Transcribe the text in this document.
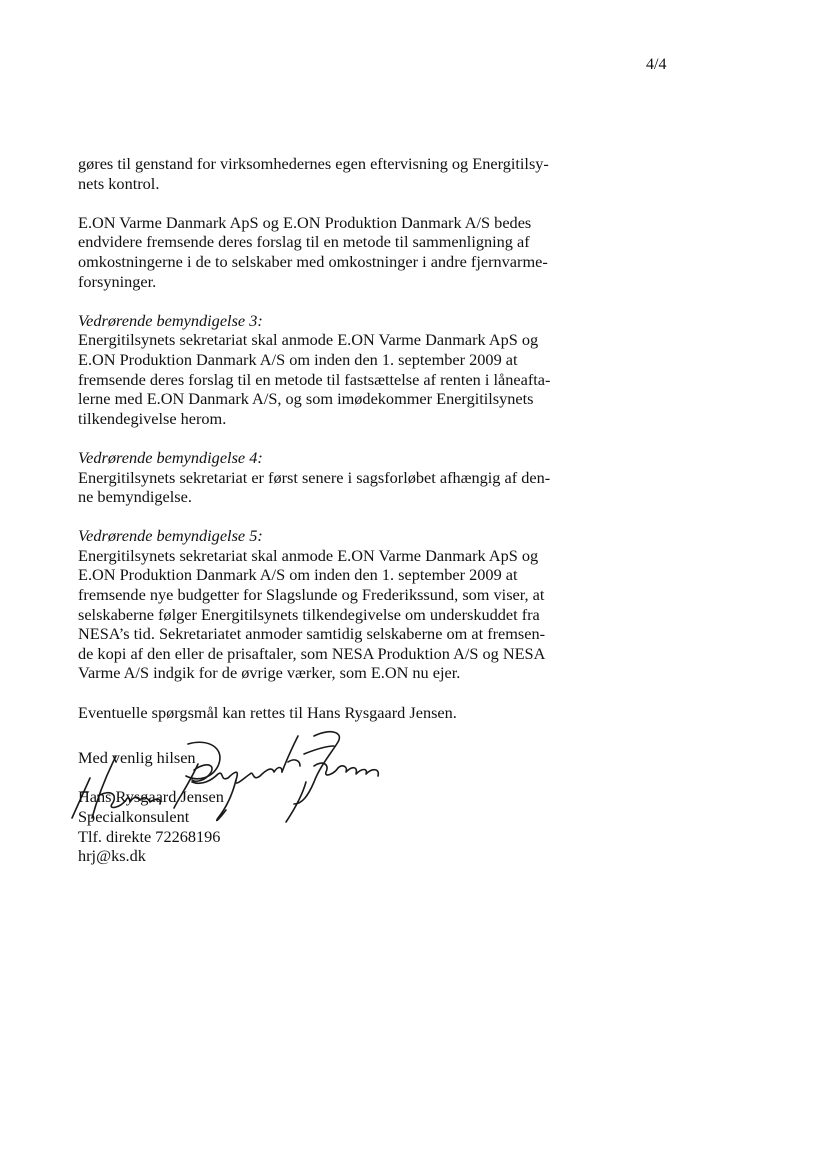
4/4

gøres til genstand for virksomhedernes egen eftervisning og Energitilsy-

nets kontrol.

E.ON Varme Danmark ApS og E.ON Produktion Danmark A/S bedes

endvidere fremsende deres forslag til en metode til sammenligning af

omkostningerne i de to selskaber med omkostninger i andre fjernvarme-

forsyninger.

Vedrørende bemyndigelse 3:

Energitilsynets sekretariat skal anmode E.ON Varme Danmark ApS og

E.ON Produktion Danmark A/S om inden den 1. september 2009 at

fremsende deres forslag til en metode til fastsættelse af renten i låneafta-

lerne med E.ON Danmark A/S, og som imødekommer Energitilsynets

tilkendegivelse herom.

Vedrørende bemyndigelse 4:

Energitilsynets sekretariat er først senere i sagsforløbet afhængig af den-

ne bemyndigelse.

Vedrørende bemyndigelse 5:

Energitilsynets sekretariat skal anmode E.ON Varme Danmark ApS og

E.ON Produktion Danmark A/S om inden den 1. september 2009 at

fremsende nye budgetter for Slagslunde og Frederikssund, som viser, at

selskaberne følger Energitilsynets tilkendegivelse om underskuddet fra

NESA’s tid. Sekretariatet anmoder samtidig selskaberne om at fremsen-

de kopi af den eller de prisaftaler, som NESA Produktion A/S og NESA

Varme A/S indgik for de øvrige værker, som E.ON nu ejer.

Eventuelle spørgsmål kan rettes til Hans Rysgaard Jensen.

Med venlig hilsen

Hans Rysgaard Jensen

Specialkonsulent

Tlf. direkte 72268196

hrj@ks.dk
